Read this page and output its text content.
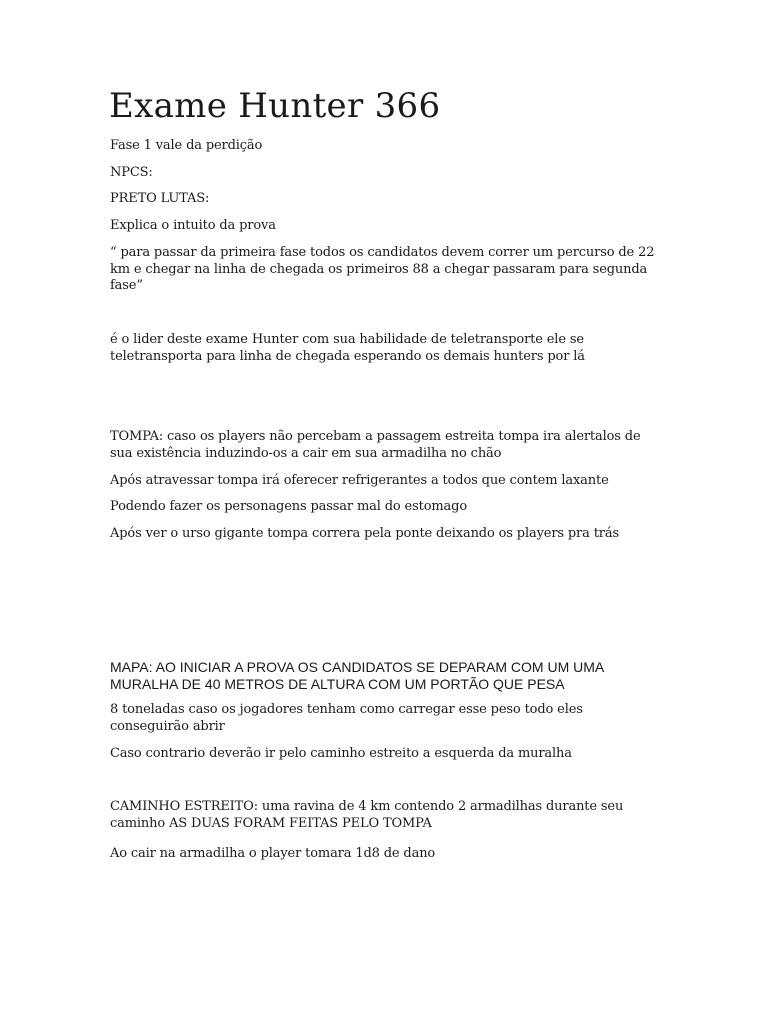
Exame Hunter 366

Fase 1 vale da perdição

NPCS:

PRETO LUTAS:

Explica o intuito da prova

“ para passar da primeira fase todos os candidatos devem correr um percurso de 22 km e chegar na linha de chegada os primeiros 88 a chegar passaram para segunda fase”

é o lider deste exame Hunter com sua habilidade de teletransporte ele se teletransporta para linha de chegada esperando os demais hunters por lá

TOMPA: caso os players não percebam a passagem estreita tompa ira alertalos de sua existência induzindo-os a cair em sua armadilha no chão

Após atravessar tompa irá oferecer refrigerantes a todos que contem laxante

Podendo fazer os personagens passar mal do estomago

Após ver o urso gigante tompa correra pela ponte deixando os players pra trás

MAPA: AO INICIAR A PROVA OS CANDIDATOS SE DEPARAM COM UM UMA MURALHA DE 40 METROS DE ALTURA COM UM PORTÃO QUE PESA

8 toneladas caso os jogadores tenham como carregar esse peso todo eles conseguirão abrir

Caso contrario deverão ir pelo caminho estreito a esquerda da muralha

CAMINHO ESTREITO: uma ravina de 4 km contendo 2 armadilhas durante seu caminho AS DUAS FORAM FEITAS PELO TOMPA

Ao cair na armadilha o player tomara 1d8 de dano
